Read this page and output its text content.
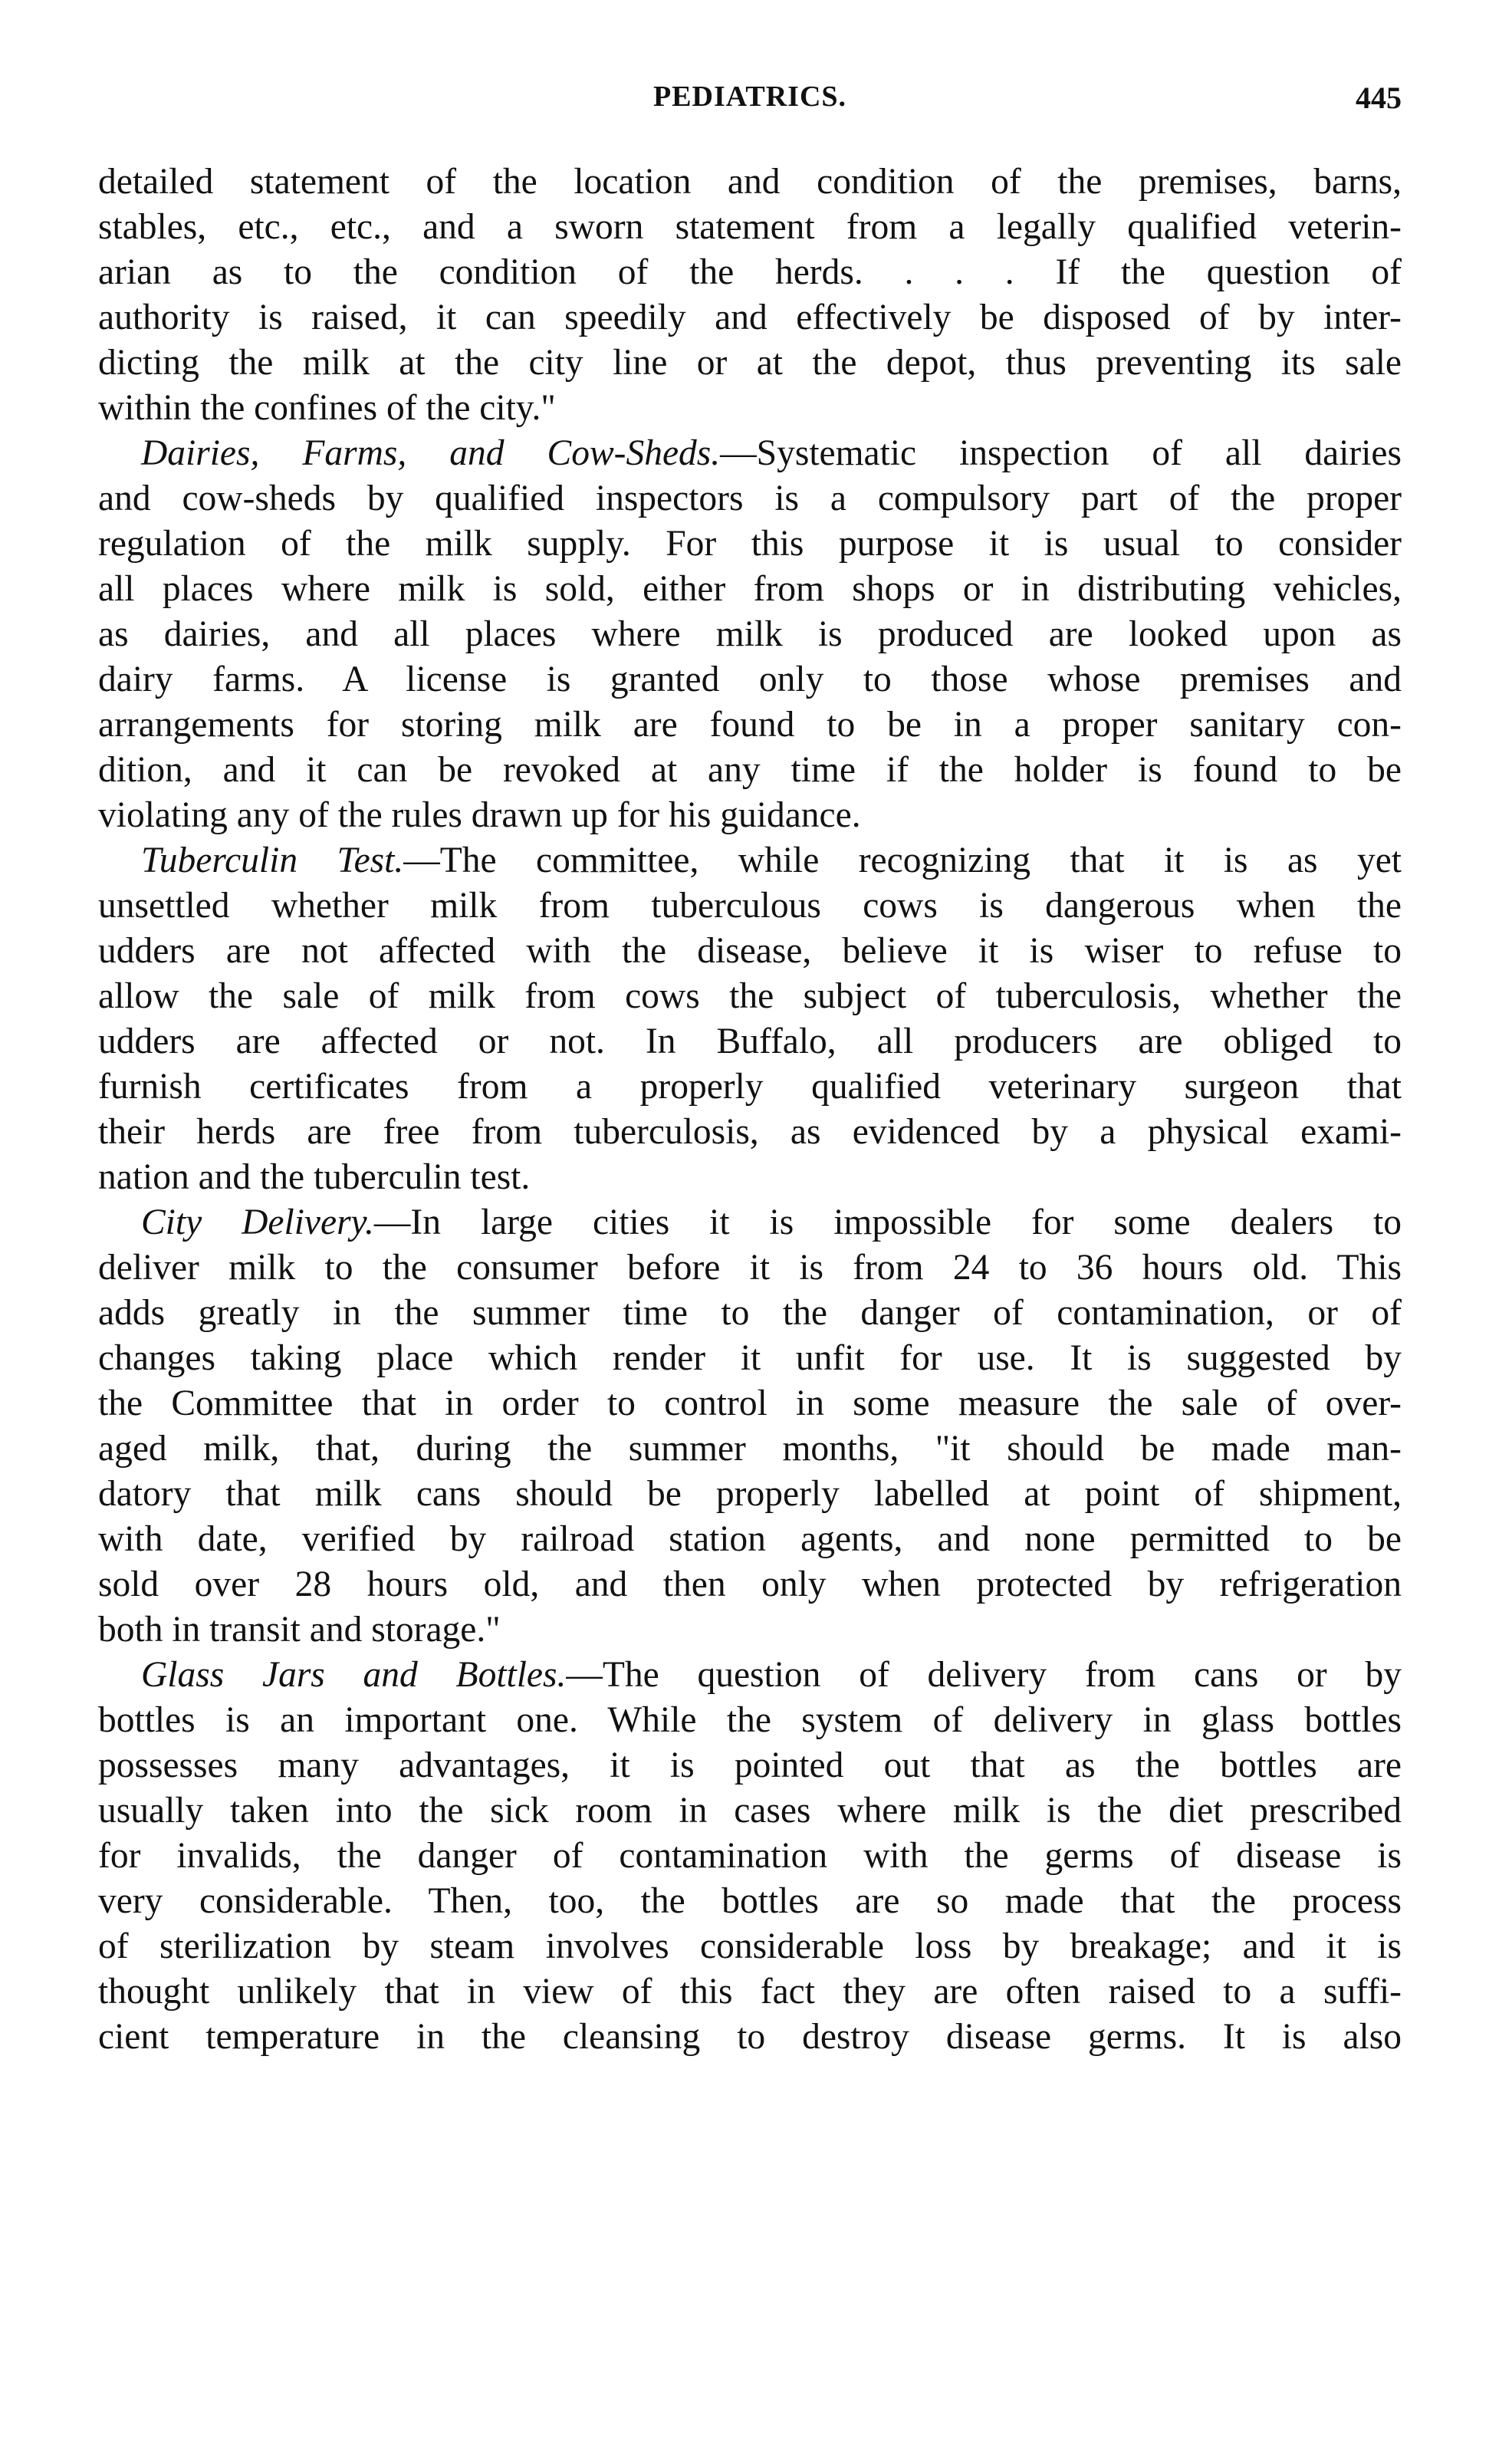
PEDIATRICS.	445
detailed statement of the location and condition of the premises, barns,
stables, etc., etc., and a sworn statement from a legally qualified veterin-
arian as to the condition of the herds. . . . If the question of
authority is raised, it can speedily and effectively be disposed of by inter-
dicting the milk at the city line or at the depot, thus preventing its sale
within the confines of the city."
Dairies, Farms, and Cow-Sheds.—Systematic inspection of all dairies
and cow-sheds by qualified inspectors is a compulsory part of the proper
regulation of the milk supply. For this purpose it is usual to consider
all places where milk is sold, either from shops or in distributing vehicles,
as dairies, and all places where milk is produced are looked upon as
dairy farms. A license is granted only to those whose premises and
arrangements for storing milk are found to be in a proper sanitary con-
dition, and it can be revoked at any time if the holder is found to be
violating any of the rules drawn up for his guidance.
Tuberculin Test.—The committee, while recognizing that it is as yet
unsettled whether milk from tuberculous cows is dangerous when the
udders are not affected with the disease, believe it is wiser to refuse to
allow the sale of milk from cows the subject of tuberculosis, whether the
udders are affected or not. In Buffalo, all producers are obliged to
furnish certificates from a properly qualified veterinary surgeon that
their herds are free from tuberculosis, as evidenced by a physical exami-
nation and the tuberculin test.
City Delivery.—In large cities it is impossible for some dealers to
deliver milk to the consumer before it is from 24 to 36 hours old. This
adds greatly in the summer time to the danger of contamination, or of
changes taking place which render it unfit for use. It is suggested by
the Committee that in order to control in some measure the sale of over-
aged milk, that, during the summer months, "it should be made man-
datory that milk cans should be properly labelled at point of shipment,
with date, verified by railroad station agents, and none permitted to be
sold over 28 hours old, and then only when protected by refrigeration
both in transit and storage."
Glass Jars and Bottles.—The question of delivery from cans or by
bottles is an important one. While the system of delivery in glass bottles
possesses many advantages, it is pointed out that as the bottles are
usually taken into the sick room in cases where milk is the diet prescribed
for invalids, the danger of contamination with the germs of disease is
very considerable. Then, too, the bottles are so made that the process
of sterilization by steam involves considerable loss by breakage; and it is
thought unlikely that in view of this fact they are often raised to a suffi-
cient temperature in the cleansing to destroy disease germs. It is also
